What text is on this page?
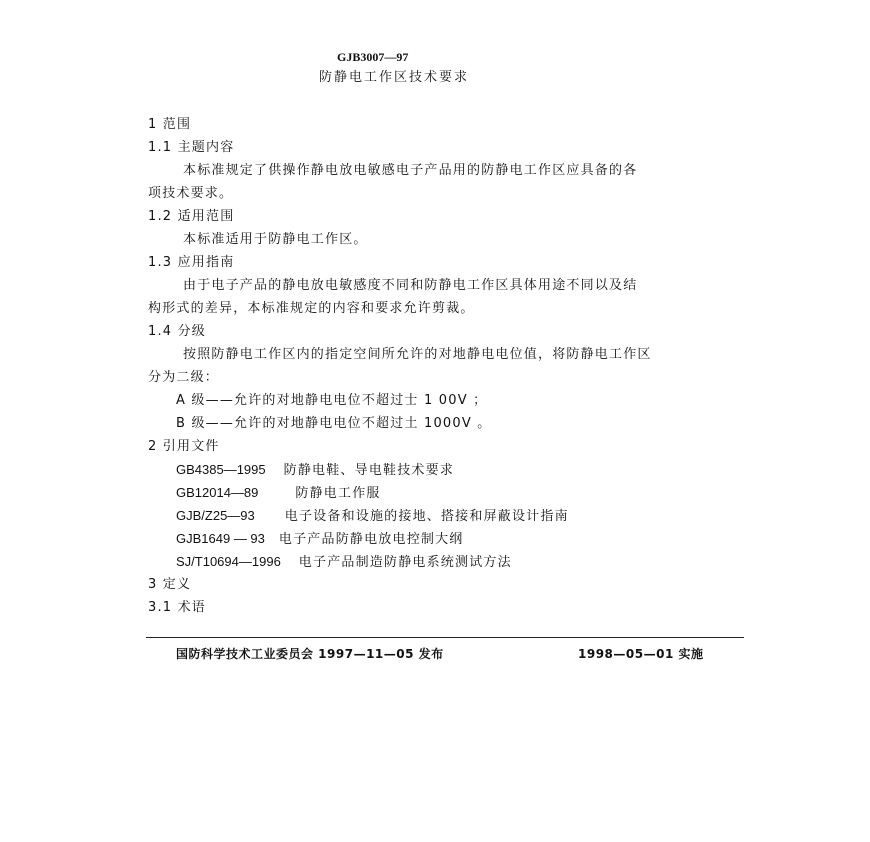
GJB3007—97
防静电工作区技术要求
1 范围
1.1 主题内容
本标准规定了供操作静电放电敏感电子产品用的防静电工作区应具备的各
项技术要求。
1.2 适用范围
本标准适用于防静电工作区。
1.3 应用指南
由于电子产品的静电放电敏感度不同和防静电工作区具体用途不同以及结
构形式的差异，本标准规定的内容和要求允许剪裁。
1.4 分级
按照防静电工作区内的指定空间所允许的对地静电电位值，将防静电工作区
分为二级：
A 级——允许的对地静电电位不超过士 1 00V ；
B 级——允许的对地静电电位不超过土 1000V 。
2 引用文件
GB4385—1995 防静电鞋、导电鞋技术要求
GB12014—89	防静电工作服
GJB/Z25—93 电子设备和设施的接地、搭接和屏蔽设计指南
GJB1649 — 93 电子产品防静电放电控制大纲
SJ/T10694—1996 电子产品制造防静电系统测试方法
3 定义
3.1 术语
国防科学技术工业委员会 1997—11—05 发布	1998—05—01 实施
